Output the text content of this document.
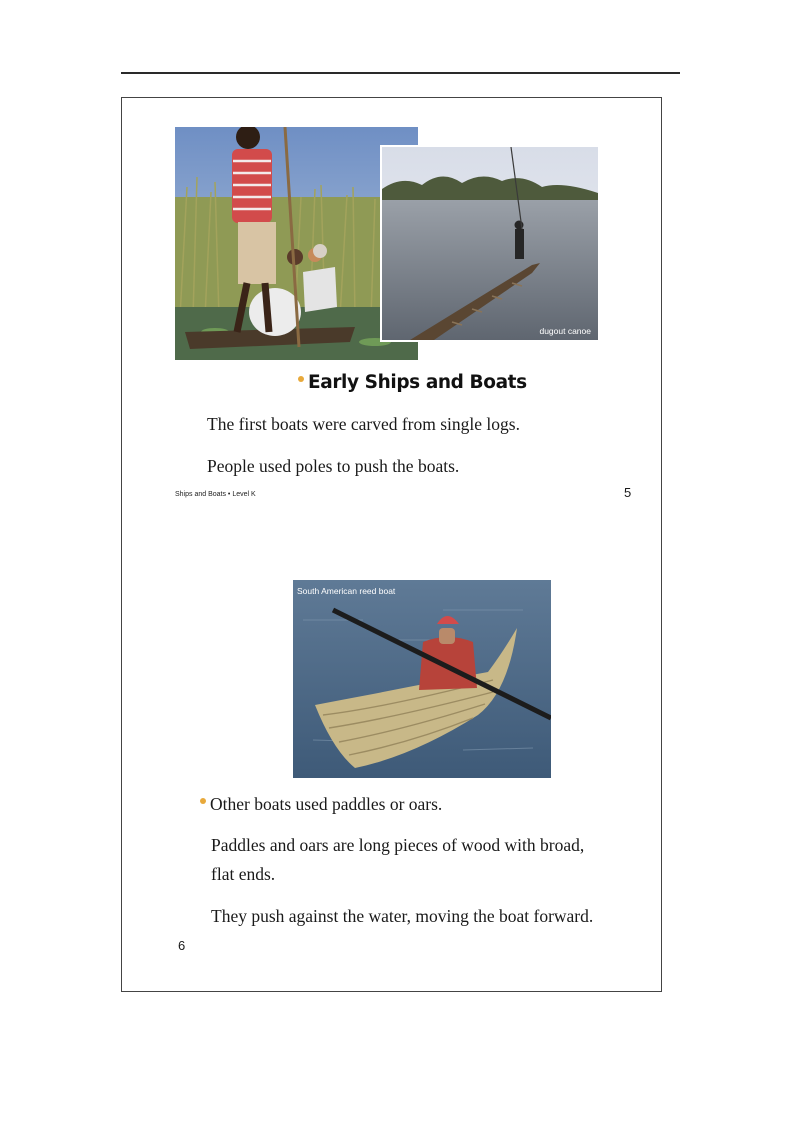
dugout canoe
Early Ships and Boats
The first boats were carved from single logs.
People used poles to push the boats.
Ships and Boats • Level K	5
South American reed boat
Other boats used paddles or oars.
Paddles and oars are long pieces of wood with broad,
flat ends.
They push against the water, moving the boat forward.
6
